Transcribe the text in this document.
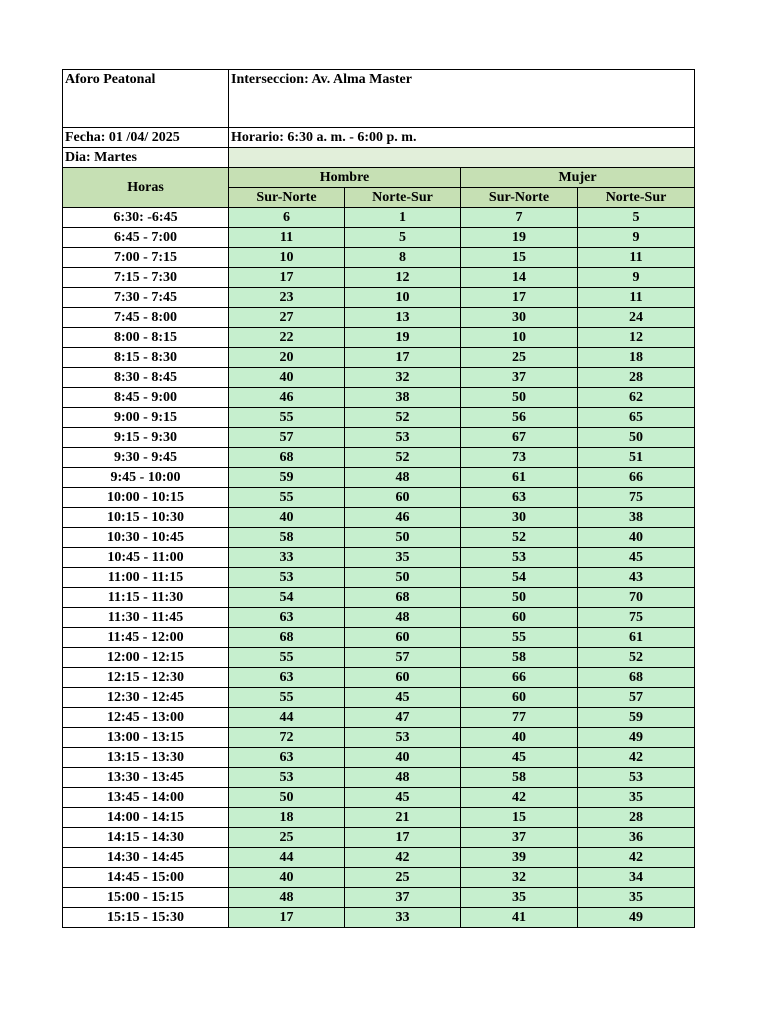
Aforo Peatonal	Interseccion: Av. Alma Master			
Fecha: 01 /04/ 2025	Horario: 6:30 a. m. - 6:00 p. m.			
Dia: Martes				
Horas	Hombre		Mujer	
	Sur-Norte	Norte-Sur	Sur-Norte	Norte-Sur
6:30: -6:45	6	1	7	5
6:45 - 7:00	11	5	19	9
7:00 - 7:15	10	8	15	11
7:15 - 7:30	17	12	14	9
7:30 - 7:45	23	10	17	11
7:45 - 8:00	27	13	30	24
8:00 - 8:15	22	19	10	12
8:15 - 8:30	20	17	25	18
8:30 - 8:45	40	32	37	28
8:45 - 9:00	46	38	50	62
9:00 - 9:15	55	52	56	65
9:15 - 9:30	57	53	67	50
9:30 - 9:45	68	52	73	51
9:45 - 10:00	59	48	61	66
10:00 - 10:15	55	60	63	75
10:15 - 10:30	40	46	30	38
10:30 - 10:45	58	50	52	40
10:45 - 11:00	33	35	53	45
11:00 - 11:15	53	50	54	43
11:15 - 11:30	54	68	50	70
11:30 - 11:45	63	48	60	75
11:45 - 12:00	68	60	55	61
12:00 - 12:15	55	57	58	52
12:15 - 12:30	63	60	66	68
12:30 - 12:45	55	45	60	57
12:45 - 13:00	44	47	77	59
13:00 - 13:15	72	53	40	49
13:15 - 13:30	63	40	45	42
13:30 - 13:45	53	48	58	53
13:45 - 14:00	50	45	42	35
14:00 - 14:15	18	21	15	28
14:15 - 14:30	25	17	37	36
14:30 - 14:45	44	42	39	42
14:45 - 15:00	40	25	32	34
15:00 - 15:15	48	37	35	35
15:15 - 15:30	17	33	41	49
